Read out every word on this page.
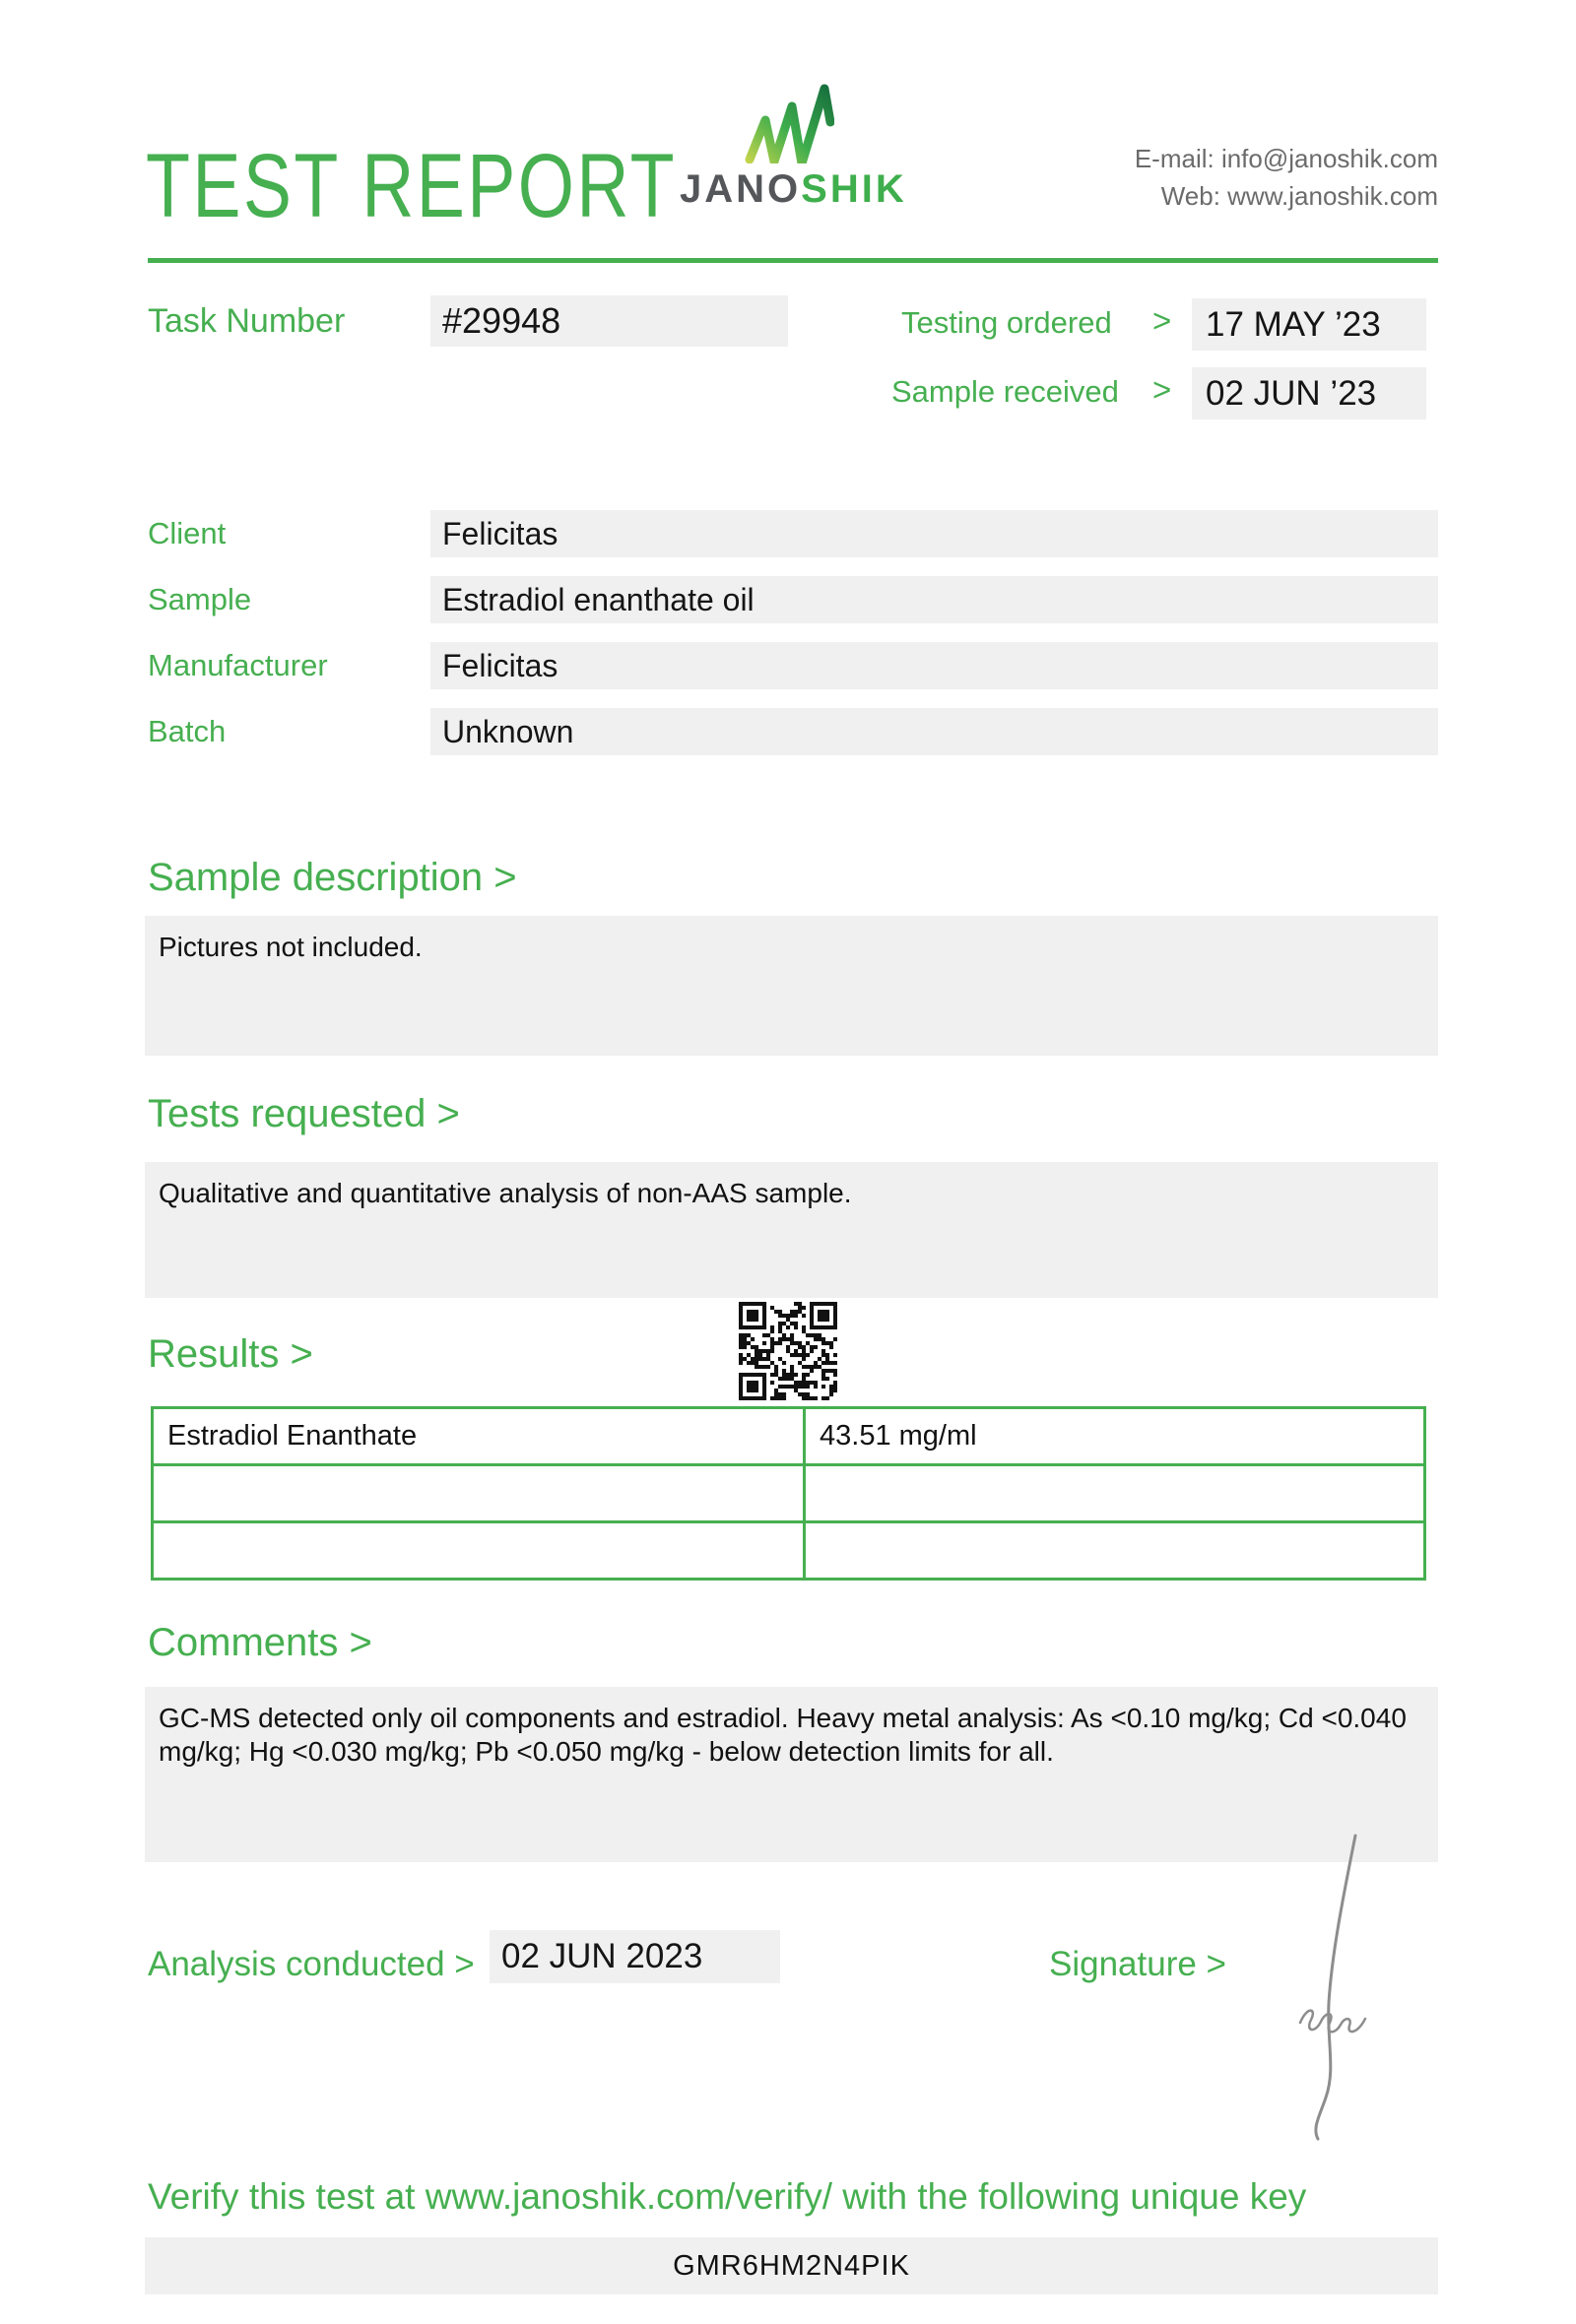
TEST REPORT JANOSHIK
E-mail: info@janoshik.com
Web: www.janoshik.com
Task Number	#29948	Testing ordered > 17 MAY ’23
Sample received > 02 JUN ’23
Client	Felicitas
Sample	Estradiol enanthate oil
Manufacturer	Felicitas
Batch	Unknown
Sample description >
Pictures not included.
Tests requested >
Qualitative and quantitative analysis of non-AAS sample.
Results >
Estradiol Enanthate	43.51 mg/ml

Comments >
GC-MS detected only oil components and estradiol. Heavy metal analysis: As <0.10 mg/kg; Cd <0.040 mg/kg; Hg <0.030 mg/kg; Pb <0.050 mg/kg - below detection limits for all.
Analysis conducted > 02 JUN 2023	Signature >
Verify this test at www.janoshik.com/verify/ with the following unique key
GMR6HM2N4PIK
